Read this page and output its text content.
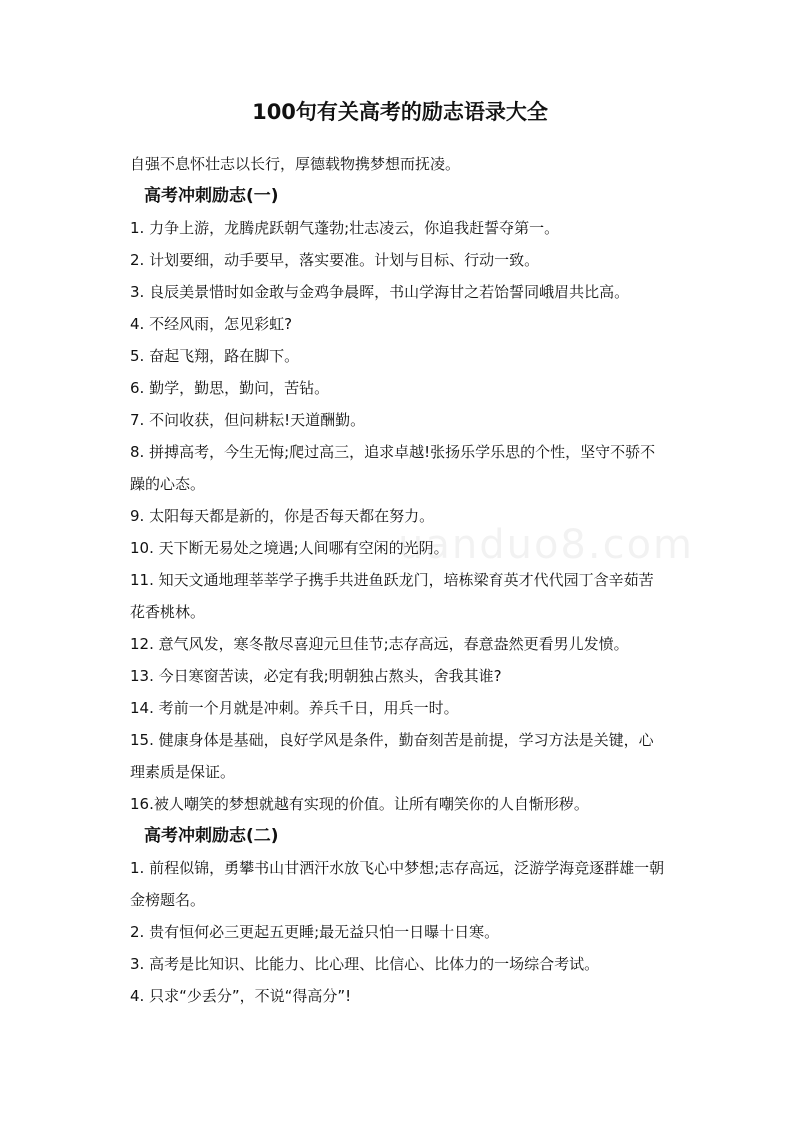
100句有关高考的励志语录大全

自强不息怀壮志以长行，厚德载物携梦想而抚凌。

高考冲刺励志(一)

1. 力争上游，龙腾虎跃朝气蓬勃;壮志凌云，你追我赶誓夺第一。

2. 计划要细，动手要早，落实要准。计划与目标、行动一致。

3. 良辰美景惜时如金敢与金鸡争晨晖，书山学海甘之若饴誓同峨眉共比高。

4. 不经风雨，怎见彩虹?

5. 奋起飞翔，路在脚下。

6. 勤学，勤思，勤问，苦钻。

7. 不问收获，但问耕耘!天道酬勤。

8. 拼搏高考，今生无悔;爬过高三，追求卓越!张扬乐学乐思的个性，坚守不骄不

躁的心态。

9. 太阳每天都是新的，你是否每天都在努力。

10. 天下断无易处之境遇;人间哪有空闲的光阴。

11. 知天文通地理莘莘学子携手共进鱼跃龙门，培栋梁育英才代代园丁含辛茹苦

花香桃林。

12. 意气风发，寒冬散尽喜迎元旦佳节;志存高远，春意盎然更看男儿发愤。

13. 今日寒窗苦读，必定有我;明朝独占熬头，舍我其谁?

14. 考前一个月就是冲刺。养兵千日，用兵一时。

15. 健康身体是基础，良好学风是条件，勤奋刻苦是前提，学习方法是关键，心

理素质是保证。

16.被人嘲笑的梦想就越有实现的价值。让所有嘲笑你的人自惭形秽。

高考冲刺励志(二)

1. 前程似锦，勇攀书山甘洒汗水放飞心中梦想;志存高远，泛游学海竞逐群雄一朝

金榜题名。

2. 贵有恒何必三更起五更睡;最无益只怕一日曝十日寒。

3. 高考是比知识、比能力、比心理、比信心、比体力的一场综合考试。

4. 只求“少丢分”，不说“得高分”!

uanduo8.com
